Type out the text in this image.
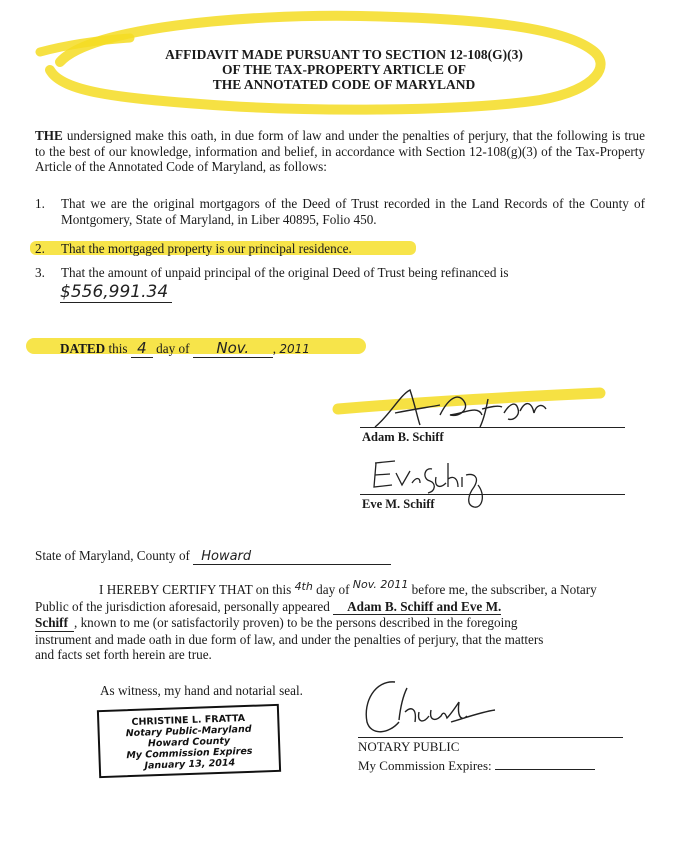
AFFIDAVIT MADE PURSUANT TO SECTION 12-108(G)(3)
OF THE TAX-PROPERTY ARTICLE OF
THE ANNOTATED CODE OF MARYLAND
THE undersigned make this oath, in due form of law and under the penalties of perjury, that the following is true to the best of our knowledge, information and belief, in accordance with Section 12-108(g)(3) of the Tax-Property Article of the Annotated Code of Maryland, as follows:
1. That we are the original mortgagors of the Deed of Trust recorded in the Land Records of the County of Montgomery, State of Maryland, in Liber 40895, Folio 450.
2. That the mortgaged property is our principal residence.
3. That the amount of unpaid principal of the original Deed of Trust being refinanced is
$556,991.34
DATED this 4 day of Nov. , 2011
Adam B. Schiff
Eve M. Schiff
State of Maryland, County of Howard
I HEREBY CERTIFY THAT on this $^{4th}$ day of $^{Nov. 2011}$ before me, the subscriber, a Notary
Public of the jurisdiction aforesaid, personally appeared Adam B. Schiff and Eve M.
Schiff , known to me (or satisfactorily proven) to be the persons described in the foregoing
instrument and made oath in due form of law, and under the penalties of perjury, that the matters
and facts set forth herein are true.
As witness, my hand and notarial seal.
CHRISTINE L. FRATTA
Notary Public-Maryland
Howard County
My Commission Expires
January 13, 2014
NOTARY PUBLIC
My Commission Expires:
